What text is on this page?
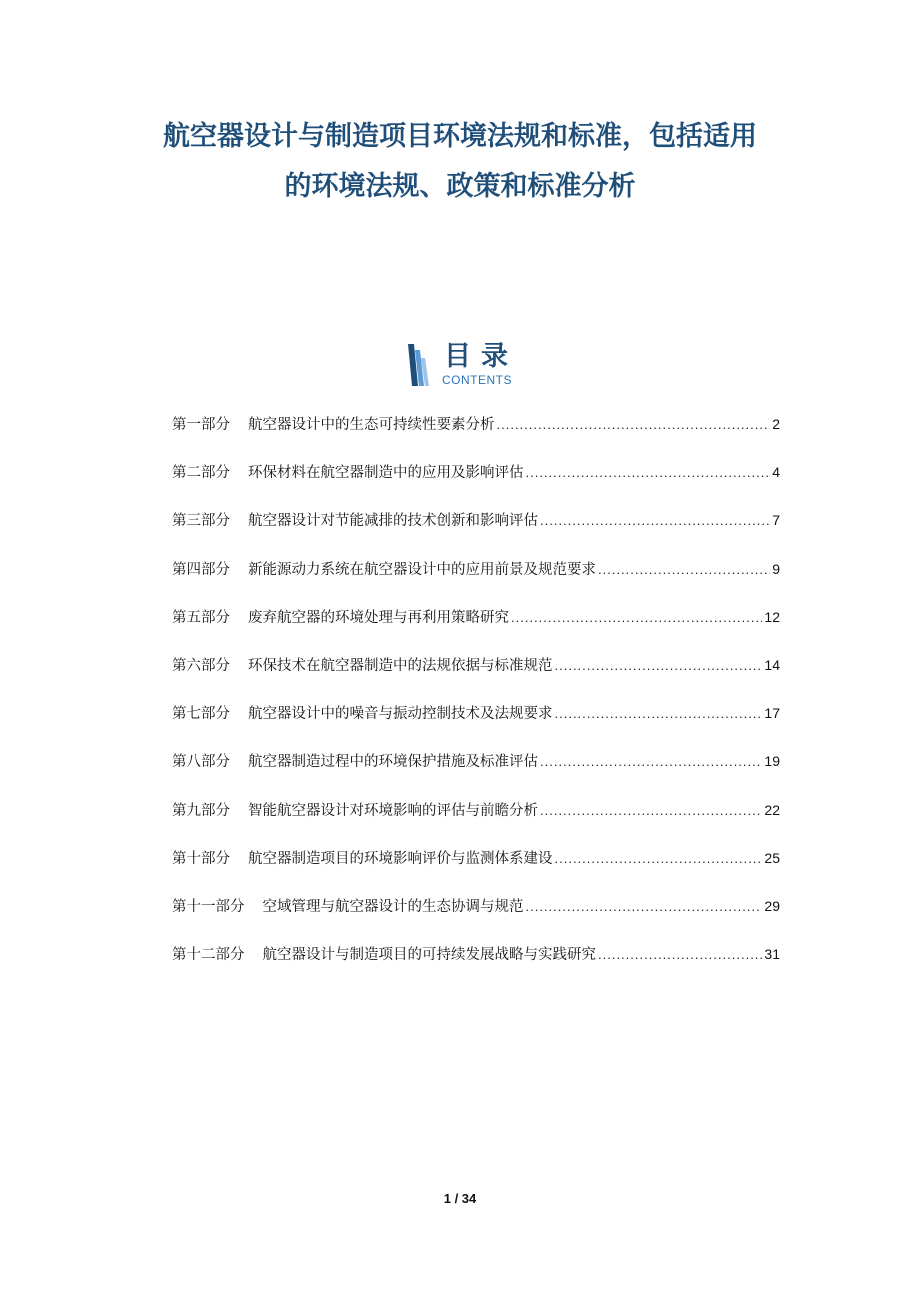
航空器设计与制造项目环境法规和标准，包括适用
的环境法规、政策和标准分析
目录
CONTENTS
第一部分 航空器设计中的生态可持续性要素分析 .....	2
第二部分 环保材料在航空器制造中的应用及影响评估 .....	4
第三部分 航空器设计对节能减排的技术创新和影响评估 .....	7
第四部分 新能源动力系统在航空器设计中的应用前景及规范要求 .....	9
第五部分 废弃航空器的环境处理与再利用策略研究 .....	12
第六部分 环保技术在航空器制造中的法规依据与标准规范 .....	14
第七部分 航空器设计中的噪音与振动控制技术及法规要求 .....	17
第八部分 航空器制造过程中的环境保护措施及标准评估 .....	19
第九部分 智能航空器设计对环境影响的评估与前瞻分析 .....	22
第十部分 航空器制造项目的环境影响评价与监测体系建设 .....	25
第十一部分 空域管理与航空器设计的生态协调与规范 .....	29
第十二部分 航空器设计与制造项目的可持续发展战略与实践研究 .....	31
1 / 34
